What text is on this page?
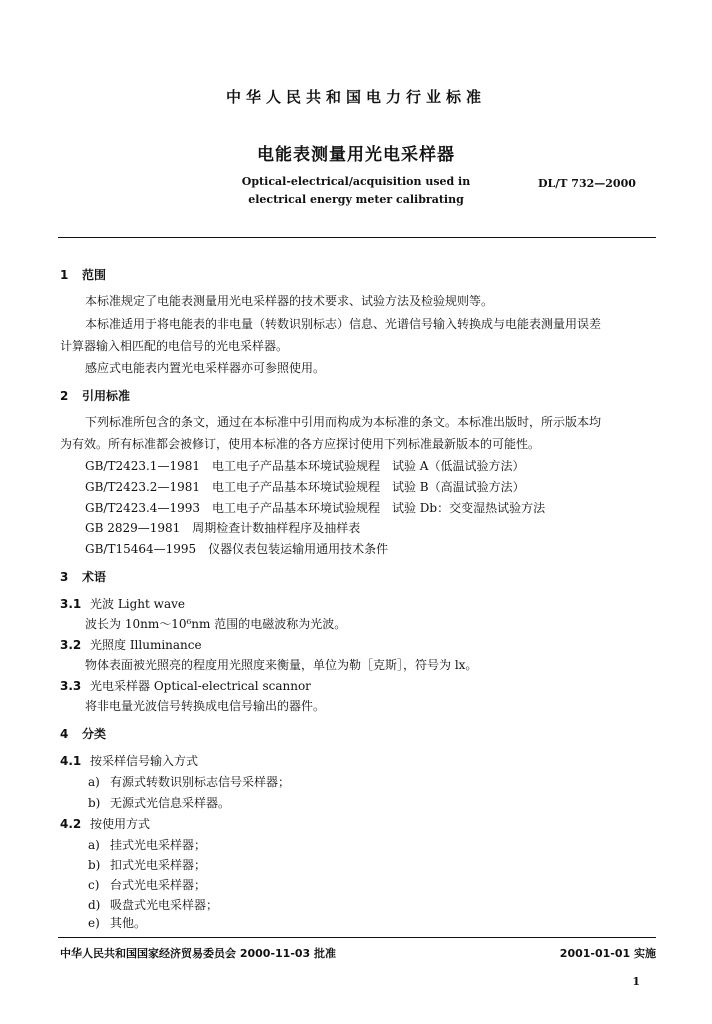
中华人民共和国电力行业标准
电能表测量用光电采样器
Optical-electrical/acquisition used in
electrical energy meter calibrating
DL/T 732—2000
1 范围
本标准规定了电能表测量用光电采样器的技术要求、试验方法及检验规则等。
本标准适用于将电能表的非电量（转数识别标志）信息、光谱信号输入转换成与电能表测量用误差
计算器输入相匹配的电信号的光电采样器。
感应式电能表内置光电采样器亦可参照使用。
2 引用标准
下列标准所包含的条文，通过在本标准中引用而构成为本标准的条文。本标准出版时，所示版本均
为有效。所有标准都会被修订，使用本标准的各方应探讨使用下列标准最新版本的可能性。
GB/T2423.1—1981　电工电子产品基本环境试验规程　试验 A（低温试验方法）
GB/T2423.2—1981　电工电子产品基本环境试验规程　试验 B（高温试验方法）
GB/T2423.4—1993　电工电子产品基本环境试验规程　试验 Db：交变湿热试验方法
GB 2829—1981　周期检查计数抽样程序及抽样表
GB/T15464—1995　仪器仪表包装运输用通用技术条件
3 术语
3.1 光波 Light wave
波长为 10nm～10⁶nm 范围的电磁波称为光波。
3.2 光照度 Illuminance
物体表面被光照亮的程度用光照度来衡量，单位为勒［克斯］，符号为 lx。
3.3 光电采样器 Optical-electrical scannor
将非电量光波信号转换成电信号输出的器件。
4 分类
4.1 按采样信号输入方式
a) 有源式转数识别标志信号采样器；
b) 无源式光信息采样器。
4.2 按使用方式
a) 挂式光电采样器；
b) 扣式光电采样器；
c) 台式光电采样器；
d) 吸盘式光电采样器；
e) 其他。
中华人民共和国国家经济贸易委员会 2000-11-03 批准	2001-01-01 实施
1
